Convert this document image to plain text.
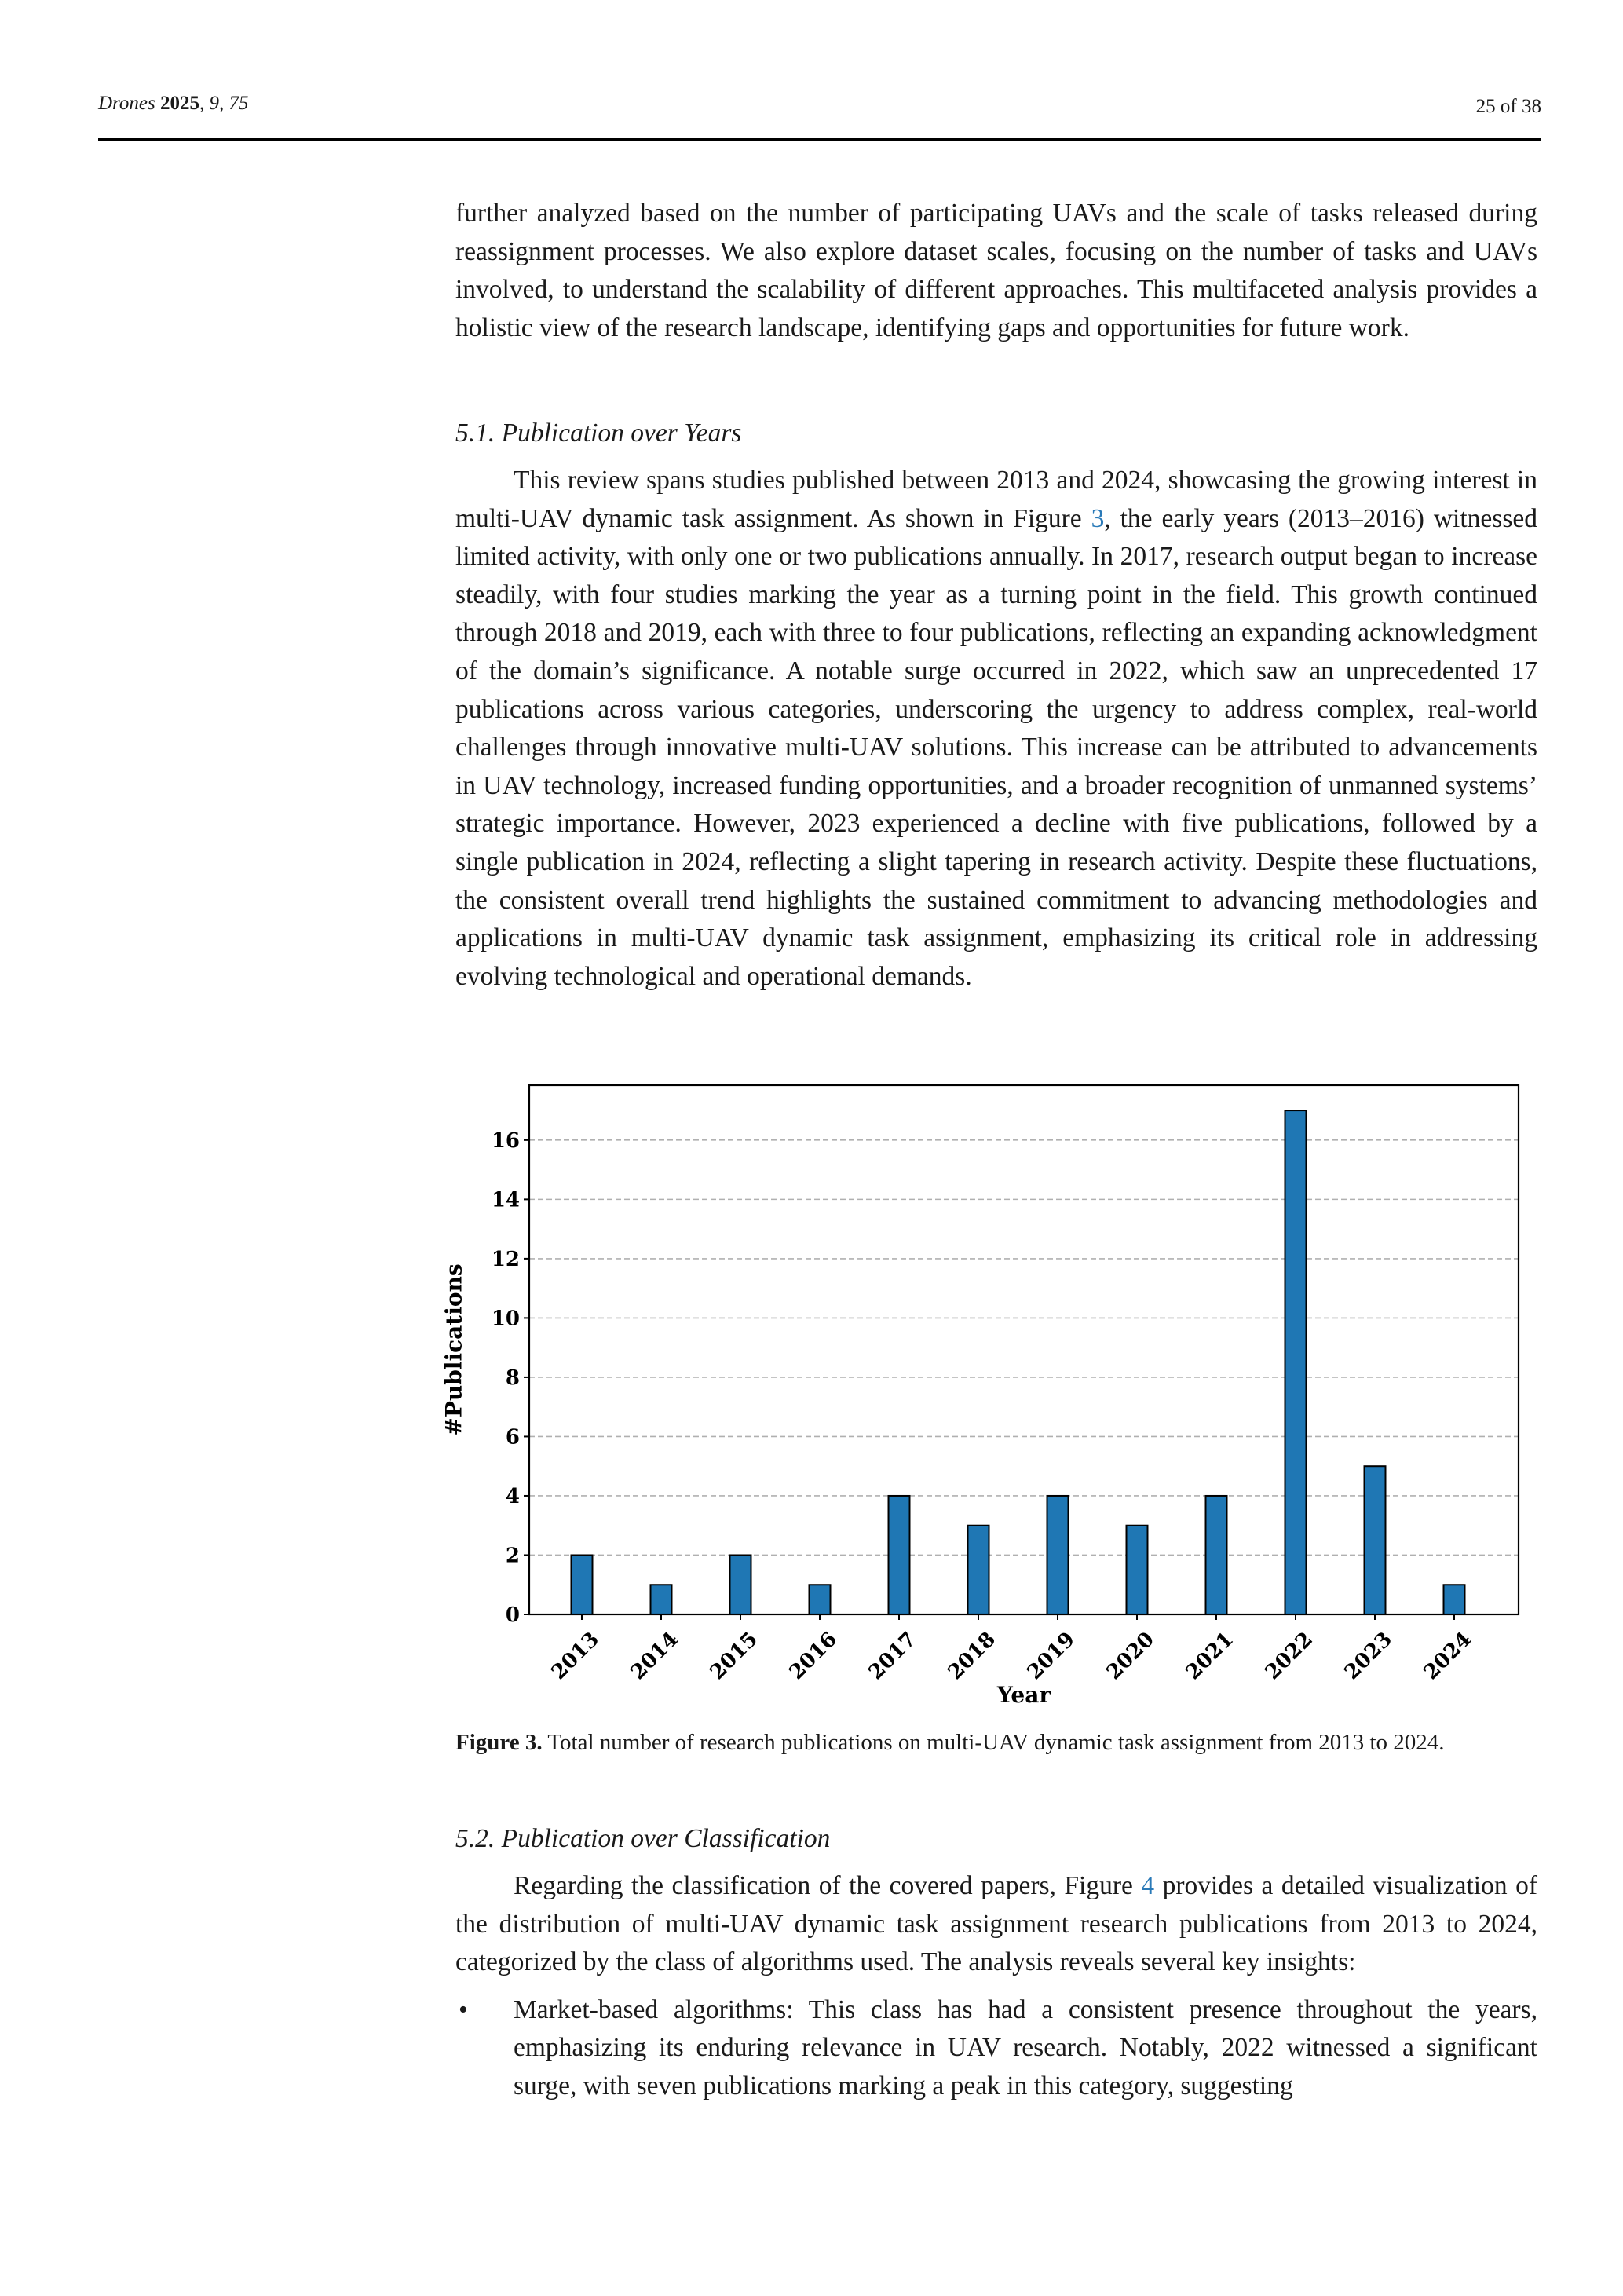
Drones 2025, 9, 75	25 of 38

further analyzed based on the number of participating UAVs and the scale of tasks released during reassignment processes. We also explore dataset scales, focusing on the number of tasks and UAVs involved, to understand the scalability of different approaches. This multifaceted analysis provides a holistic view of the research landscape, identifying gaps and opportunities for future work.

5.1. Publication over Years

This review spans studies published between 2013 and 2024, showcasing the growing interest in multi-UAV dynamic task assignment. As shown in Figure 3, the early years (2013–2016) witnessed limited activity, with only one or two publications annually. In 2017, research output began to increase steadily, with four studies marking the year as a turning point in the field. This growth continued through 2018 and 2019, each with three to four publications, reflecting an expanding acknowledgment of the domain’s significance. A notable surge occurred in 2022, which saw an unprecedented 17 publications across various categories, underscoring the urgency to address complex, real-world challenges through innovative multi-UAV solutions. This increase can be attributed to advancements in UAV technology, increased funding opportunities, and a broader recognition of unmanned systems’ strategic importance. However, 2023 experienced a decline with five publications, followed by a single publication in 2024, reflecting a slight tapering in research activity. Despite these fluctuations, the consistent overall trend highlights the sustained commitment to advancing methodologies and applications in multi-UAV dynamic task assignment, emphasizing its critical role in addressing evolving technological and operational demands.

0
2
4
6
8
10
12
14
16
2013 2014 2015 2016 2017 2018 2019 2020 2021 2022 2023 2024
#Publications
Year

Figure 3. Total number of research publications on multi-UAV dynamic task assignment from 2013 to 2024.

5.2. Publication over Classification

Regarding the classification of the covered papers, Figure 4 provides a detailed visualization of the distribution of multi-UAV dynamic task assignment research publications from 2013 to 2024, categorized by the class of algorithms used. The analysis reveals several key insights:

• Market-based algorithms: This class has had a consistent presence throughout the years, emphasizing its enduring relevance in UAV research. Notably, 2022 witnessed a significant surge, with seven publications marking a peak in this category, suggesting
